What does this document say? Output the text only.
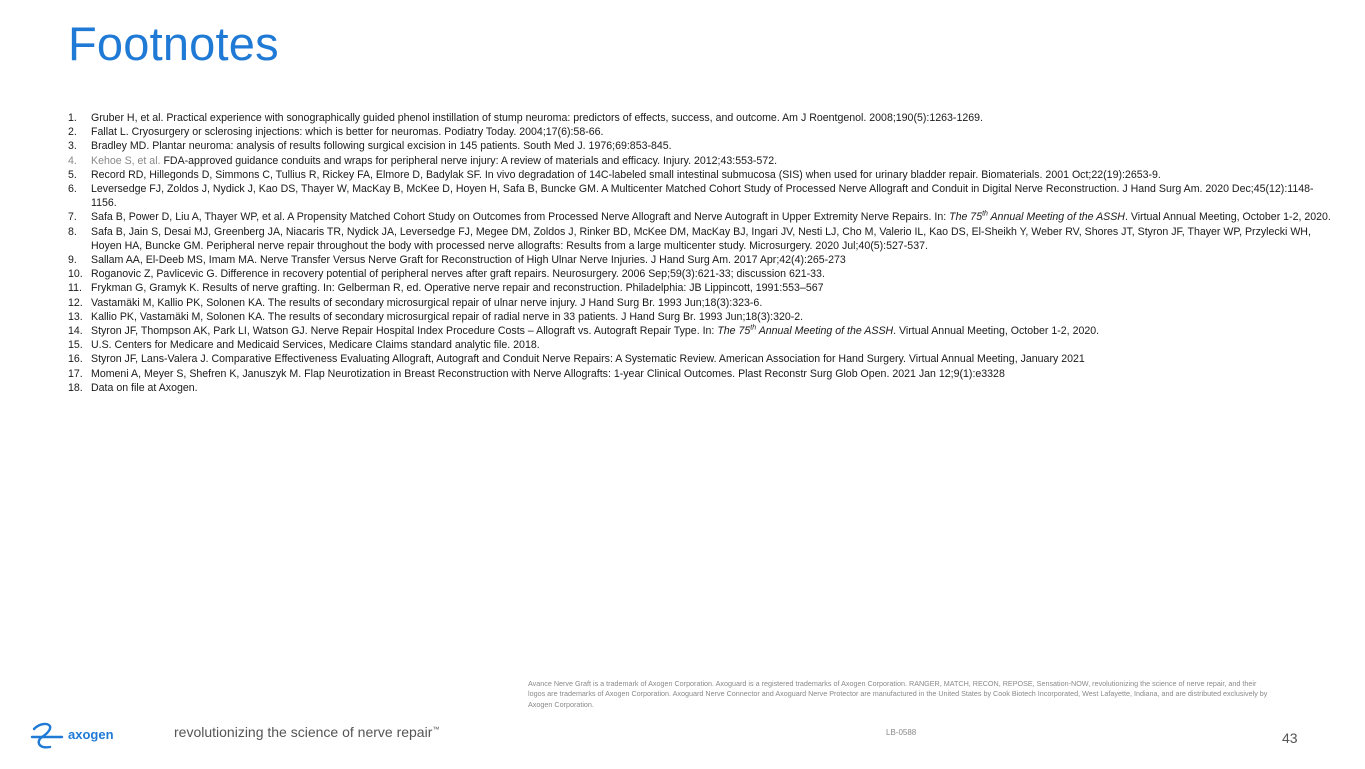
Footnotes
1. Gruber H, et al. Practical experience with sonographically guided phenol instillation of stump neuroma: predictors of effects, success, and outcome. Am J Roentgenol. 2008;190(5):1263-1269.
2. Fallat L. Cryosurgery or sclerosing injections: which is better for neuromas. Podiatry Today. 2004;17(6):58-66.
3. Bradley MD. Plantar neuroma: analysis of results following surgical excision in 145 patients. South Med J. 1976;69:853-845.
4. Kehoe S, et al. FDA-approved guidance conduits and wraps for peripheral nerve injury: A review of materials and efficacy. Injury. 2012;43:553-572.
5. Record RD, Hillegonds D, Simmons C, Tullius R, Rickey FA, Elmore D, Badylak SF. In vivo degradation of 14C-labeled small intestinal submucosa (SIS) when used for urinary bladder repair. Biomaterials. 2001 Oct;22(19):2653-9.
6. Leversedge FJ, Zoldos J, Nydick J, Kao DS, Thayer W, MacKay B, McKee D, Hoyen H, Safa B, Buncke GM. A Multicenter Matched Cohort Study of Processed Nerve Allograft and Conduit in Digital Nerve Reconstruction. J Hand Surg Am. 2020 Dec;45(12):1148-1156.
7. Safa B, Power D, Liu A, Thayer WP, et al. A Propensity Matched Cohort Study on Outcomes from Processed Nerve Allograft and Nerve Autograft in Upper Extremity Nerve Repairs. In: The 75th Annual Meeting of the ASSH. Virtual Annual Meeting, October 1-2, 2020.
8. Safa B, Jain S, Desai MJ, Greenberg JA, Niacaris TR, Nydick JA, Leversedge FJ, Megee DM, Zoldos J, Rinker BD, McKee DM, MacKay BJ, Ingari JV, Nesti LJ, Cho M, Valerio IL, Kao DS, El-Sheikh Y, Weber RV, Shores JT, Styron JF, Thayer WP, Przylecki WH, Hoyen HA, Buncke GM. Peripheral nerve repair throughout the body with processed nerve allografts: Results from a large multicenter study. Microsurgery. 2020 Jul;40(5):527-537.
9. Sallam AA, El-Deeb MS, Imam MA. Nerve Transfer Versus Nerve Graft for Reconstruction of High Ulnar Nerve Injuries. J Hand Surg Am. 2017 Apr;42(4):265-273
10. Roganovic Z, Pavlicevic G. Difference in recovery potential of peripheral nerves after graft repairs. Neurosurgery. 2006 Sep;59(3):621-33; discussion 621-33.
11. Frykman G, Gramyk K. Results of nerve grafting. In: Gelberman R, ed. Operative nerve repair and reconstruction. Philadelphia: JB Lippincott, 1991:553–567
12. Vastamäki M, Kallio PK, Solonen KA. The results of secondary microsurgical repair of ulnar nerve injury. J Hand Surg Br. 1993 Jun;18(3):323-6.
13. Kallio PK, Vastamäki M, Solonen KA. The results of secondary microsurgical repair of radial nerve in 33 patients. J Hand Surg Br. 1993 Jun;18(3):320-2.
14. Styron JF, Thompson AK, Park LI, Watson GJ. Nerve Repair Hospital Index Procedure Costs – Allograft vs. Autograft Repair Type. In: The 75th Annual Meeting of the ASSH. Virtual Annual Meeting, October 1-2, 2020.
15. U.S. Centers for Medicare and Medicaid Services, Medicare Claims standard analytic file. 2018.
16. Styron JF, Lans-Valera J. Comparative Effectiveness Evaluating Allograft, Autograft and Conduit Nerve Repairs: A Systematic Review. American Association for Hand Surgery. Virtual Annual Meeting, January 2021
17. Momeni A, Meyer S, Shefren K, Januszyk M. Flap Neurotization in Breast Reconstruction with Nerve Allografts: 1-year Clinical Outcomes. Plast Reconstr Surg Glob Open. 2021 Jan 12;9(1):e3328
18. Data on file at Axogen.
Avance Nerve Graft is a trademark of Axogen Corporation. Axoguard is a registered trademarks of Axogen Corporation. RANGER, MATCH, RECON, REPOSE, Sensation-NOW, revolutionizing the science of nerve repair, and their logos are trademarks of Axogen Corporation. Axoguard Nerve Connector and Axoguard Nerve Protector are manufactured in the United States by Cook Biotech Incorporated, West Lafayette, Indiana, and are distributed exclusively by Axogen Corporation.
axogen	revolutionizing the science of nerve repair™	LB-0588	43
